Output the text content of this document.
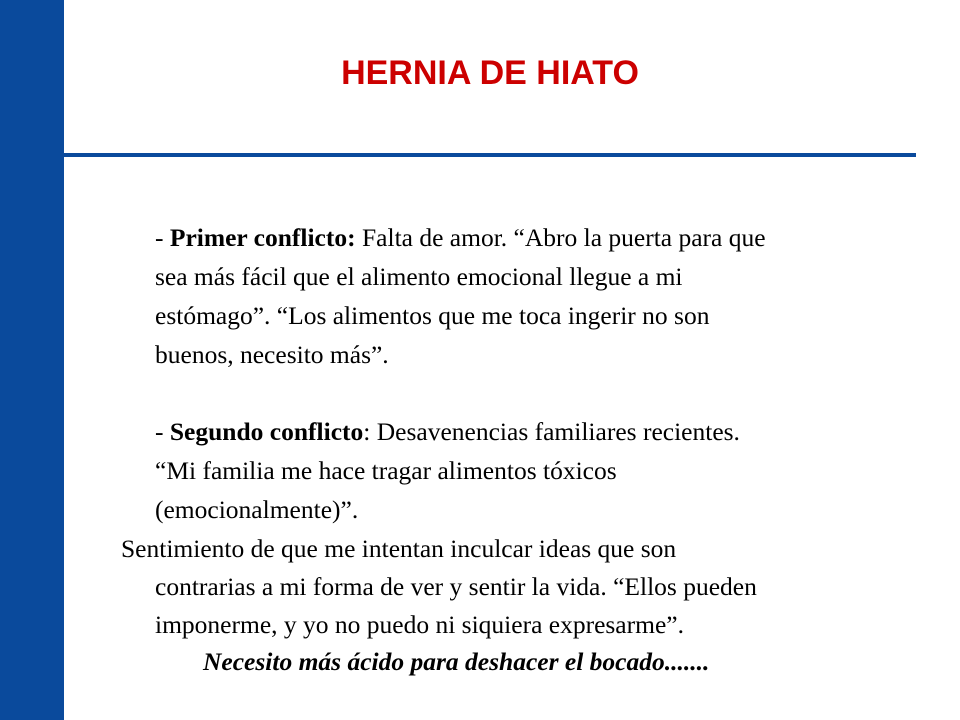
HERNIA DE HIATO
- Primer conflicto: Falta de amor. “Abro la puerta para que
sea más fácil que el alimento emocional llegue a mi
estómago”. “Los alimentos que me toca ingerir no son
buenos, necesito más”.
- Segundo conflicto: Desavenencias familiares recientes.
“Mi familia me hace tragar alimentos tóxicos
(emocionalmente)”.
Sentimiento de que me intentan inculcar ideas que son
contrarias a mi forma de ver y sentir la vida. “Ellos pueden
imponerme, y yo no puedo ni siquiera expresarme”.
Necesito más ácido para deshacer el bocado.......
